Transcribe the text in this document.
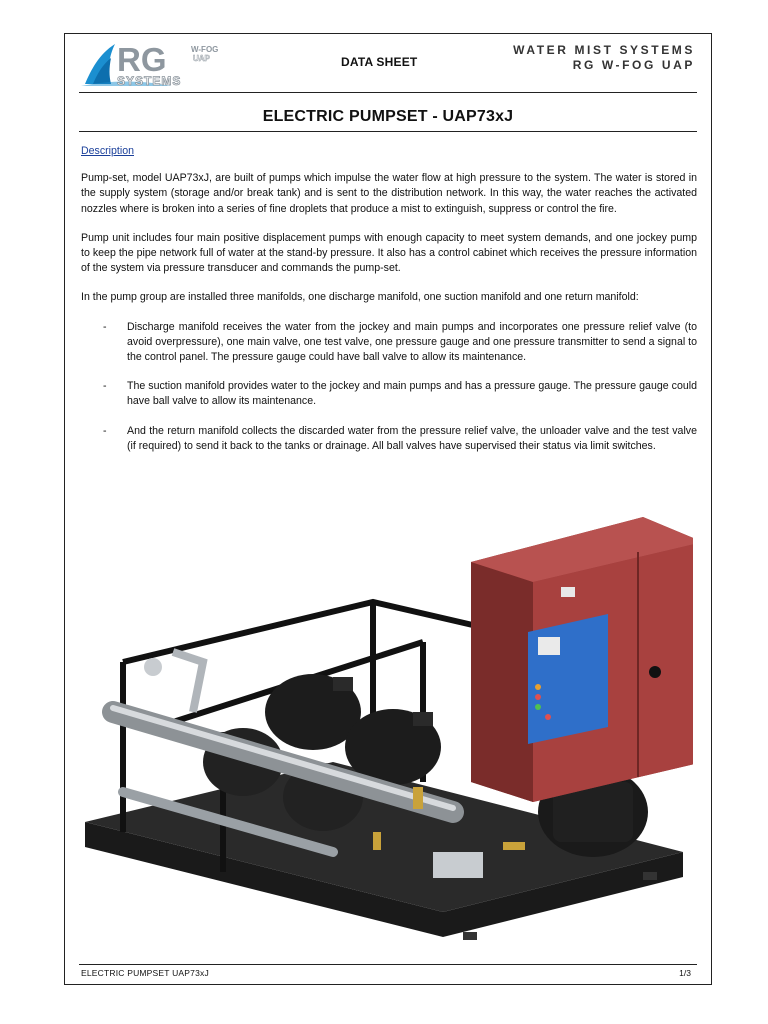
RG
SYSTEMS
W-FOG
UAP	DATA SHEET
WATER MIST SYSTEMS
RG W-FOG UAP
ELECTRIC PUMPSET - UAP73xJ

Description

Pump-set, model UAP73xJ, are built of pumps which impulse the water flow at high pressure to the system. The water is stored in the supply system (storage and/or break tank) and is sent to the distribution network. In this way, the water reaches the activated nozzles where is broken into a series of fine droplets that produce a mist to extinguish, suppress or control the fire.

Pump unit includes four main positive displacement pumps with enough capacity to meet system demands, and one jockey pump to keep the pipe network full of water at the stand-by pressure. It also has a control cabinet which receives the pressure information of the system via pressure transducer and commands the pump-set.

In the pump group are installed three manifolds, one discharge manifold, one suction manifold and one return manifold:

- Discharge manifold receives the water from the jockey and main pumps and incorporates one pressure relief valve (to avoid overpressure), one main valve, one test valve, one pressure gauge and one pressure transmitter to send a signal to the control panel. The pressure gauge could have ball valve to allow its maintenance.
- The suction manifold provides water to the jockey and main pumps and has a pressure gauge. The pressure gauge could have ball valve to allow its maintenance.
- And the return manifold collects the discarded water from the pressure relief valve, the unloader valve and the test valve (if required) to send it back to the tanks or drainage. All ball valves have supervised their status via limit switches.
ELECTRIC PUMPSET UAP73xJ	1/3
